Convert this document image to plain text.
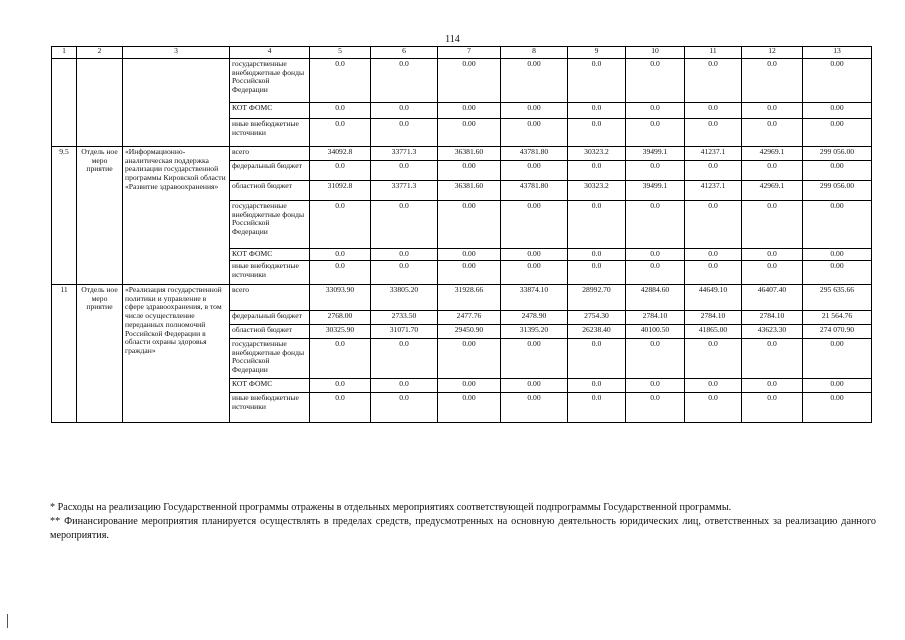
114
1	2	3	4	5	6	7	8	9	10	11	12	13
			государственные внебюджетные фонды Российской Федерации	0.0	0.0	0.00	0.00	0.0	0.0	0.0	0.0	0.00
			КОТ ФОМС	0.0	0.0	0.00	0.00	0.0	0.0	0.0	0.0	0.00
			иные внебюджетные источники	0.0	0.0	0.00	0.00	0.0	0.0	0.0	0.0	0.00
9.5	Отдель ное меро приятие	«Информационно-аналитическая поддержка реализации государственной программы Кировской области «Развитие здравоохранения»	всего	34092.8	33771.3	36381.60	43781.80	30323.2	39499.1	41237.1	42969.1	299 056.00
			федеральный бюджет	0.0	0.0	0.00	0.00	0.0	0.0	0.0	0.0	0.00
			областной бюджет	31092.8	33771.3	36381.60	43781.80	30323.2	39499.1	41237.1	42969.1	299 056.00
			государственные внебюджетные фонды Российской Федерации	0.0	0.0	0.00	0.00	0.0	0.0	0.0	0.0	0.00
			КОТ ФОМС	0.0	0.0	0.00	0.00	0.0	0.0	0.0	0.0	0.00
			иные внебюджетные источники	0.0	0.0	0.00	0.00	0.0	0.0	0.0	0.0	0.00
11	Отдель ное меро приятие	«Реализация государственной политики и управление в сфере здравоохранения, в том числе осуществление переданных полномочий Российской Федерации в области охраны здоровья граждан»	всего	33093.90	33805.20	31928.66	33874.10	28992.70	42884.60	44649.10	46407.40	295 635.66
			федеральный бюджет	2768.00	2733.50	2477.76	2478.90	2754.30	2784.10	2784.10	2784.10	21 564.76
			областной бюджет	30325.90	31071.70	29450.90	31395.20	26238.40	40100.50	41865.00	43623.30	274 070.90
			государственные внебюджетные фонды Российской Федерации	0.0	0.0	0.00	0.00	0.0	0.0	0.0	0.0	0.00
			КОТ ФОМС	0.0	0.0	0.00	0.00	0.0	0.0	0.0	0.0	0.00
			иные внебюджетные источники	0.0	0.0	0.00	0.00	0.0	0.0	0.0	0.0	0.00

* Расходы на реализацию Государственной программы отражены в отдельных мероприятиях соответствующей подпрограммы Государственной программы.

** Финансирование мероприятия планируется осуществлять в пределах средств, предусмотренных на основную деятельность юридических лиц, ответственных за реализацию данного мероприятия.
